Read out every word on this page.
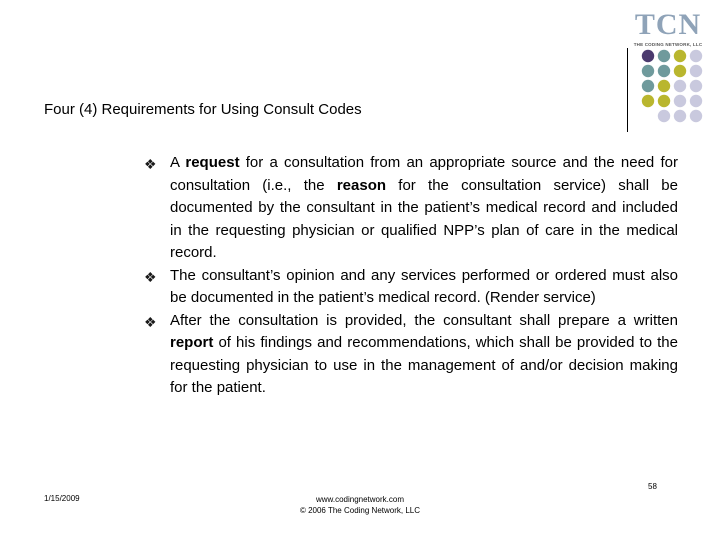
TCN
THE CODING NETWORK, LLC
Four (4) Requirements for Using Consult Codes
❖ A request for a consultation from an appropriate source and the need for consultation (i.e., the reason for the consultation service) shall be documented by the consultant in the patient’s medical record and included in the requesting physician or qualified NPP’s plan of care in the medical record.
❖ The consultant’s opinion and any services performed or ordered must also be documented in the patient’s medical record. (Render service)
❖ After the consultation is provided, the consultant shall prepare a written report of his findings and recommendations, which shall be provided to the requesting physician to use in the management of and/or decision making for the patient.
1/15/2009	www.codingnetwork.com
© 2006 The Coding Network, LLC
58
